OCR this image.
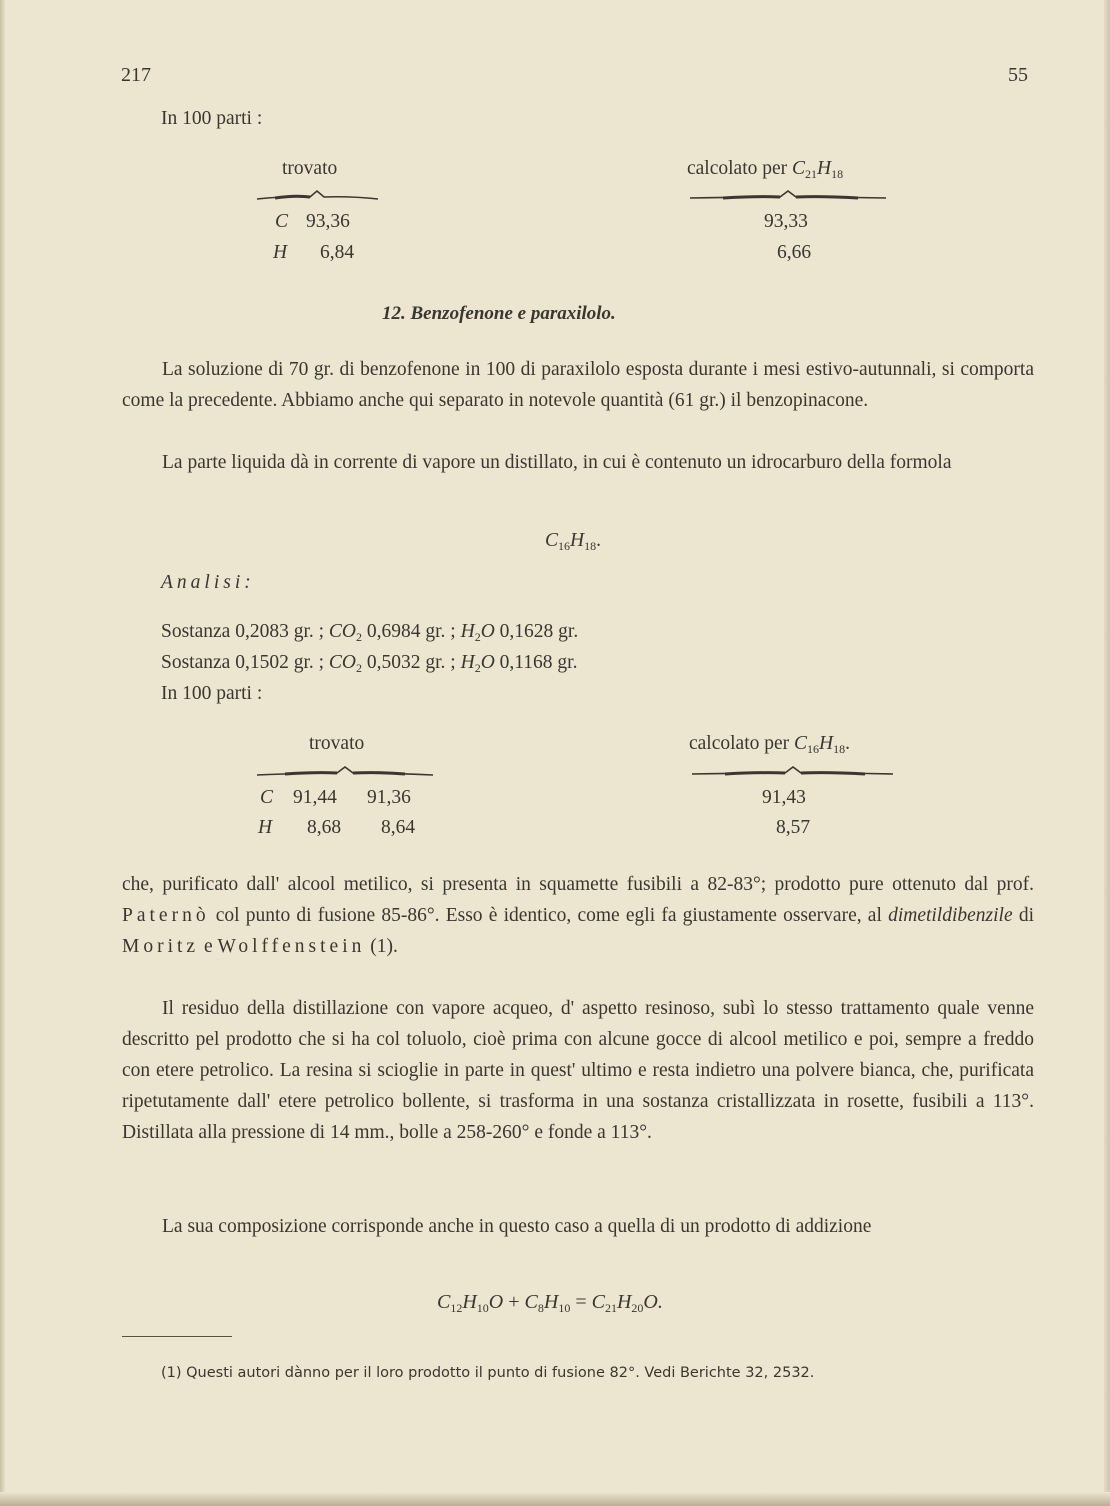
217	55
In 100 parti :
trovato	calcolato per $C_{21}H_{18}$
C 93,36	93,33
H 6,84	6,66
12. Benzofenone e paraxilolo.
La soluzione di 70 gr. di benzofenone in 100 di paraxilolo esposta durante i mesi estivo-autunnali, si comporta come la precedente. Abbiamo anche qui separato in notevole quantità (61 gr.) il benzopinacone.
La parte liquida dà in corrente di vapore un distillato, in cui è contenuto un idrocarburo della formola
$C_{16}H_{18}$.
Analisi:
Sostanza 0,2083 gr. ; $CO_2$ 0,6984 gr. ; $H_2O$ 0,1628 gr.
Sostanza 0,1502 gr. ; $CO_2$ 0,5032 gr. ; $H_2O$ 0,1168 gr.
In 100 parti :
trovato	calcolato per $C_{16}H_{18}$.
C 91,44 91,36	91,43
H 8,68 8,64	8,57
che, purificato dall' alcool metilico, si presenta in squamette fusibili a 82-83°; prodotto pure ottenuto dal prof. Paternò col punto di fusione 85-86°. Esso è identico, come egli fa giustamente osservare, al dimetildibenzile di Moritz e Wolffenstein (1).
Il residuo della distillazione con vapore acqueo, d' aspetto resinoso, subì lo stesso trattamento quale venne descritto pel prodotto che si ha col toluolo, cioè prima con alcune gocce di alcool metilico e poi, sempre a freddo con etere petrolico. La resina si scioglie in parte in quest' ultimo e resta indietro una polvere bianca, che, purificata ripetutamente dall' etere petrolico bollente, si trasforma in una sostanza cristallizzata in rosette, fusibili a 113°. Distillata alla pressione di 14 mm., bolle a 258-260° e fonde a 113°.
La sua composizione corrisponde anche in questo caso a quella di un prodotto di addizione
$C_{12}H_{10}O + C_8H_{10} = C_{21}H_{20}O$.
(1) Questi autori dànno per il loro prodotto il punto di fusione 82°. Vedi Berichte 32, 2532.
